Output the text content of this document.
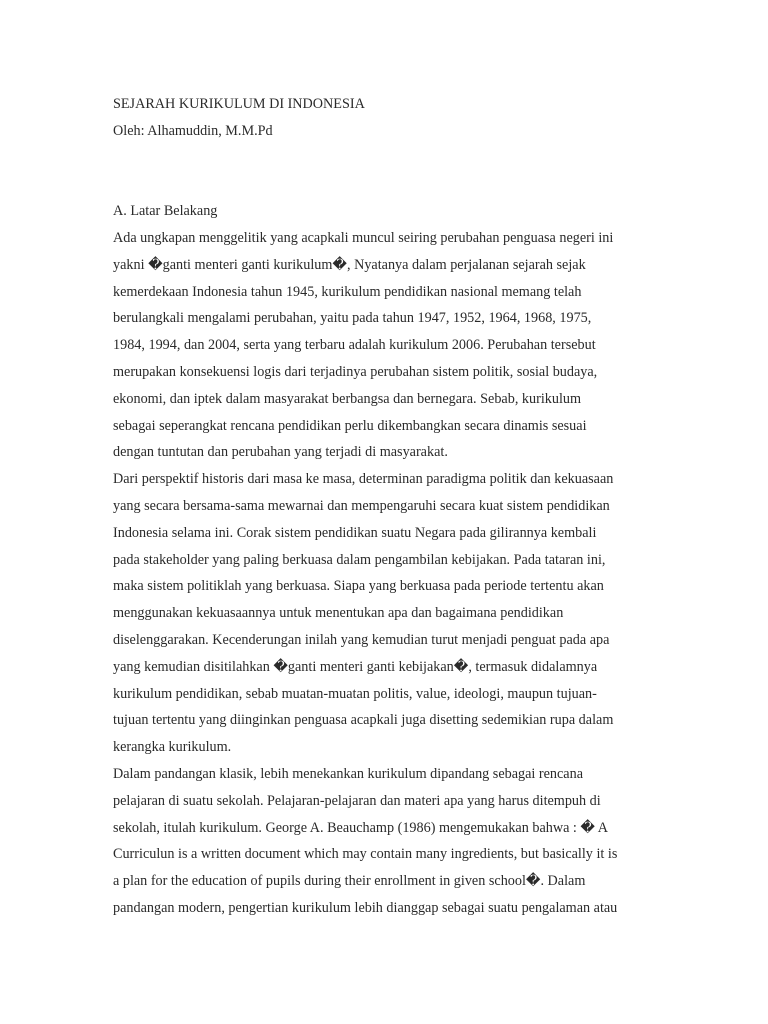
SEJARAH KURIKULUM DI INDONESIA
Oleh: Alhamuddin, M.M.Pd
A. Latar Belakang
Ada ungkapan menggelitik yang acapkali muncul seiring perubahan penguasa negeri ini
yakni �ganti menteri ganti kurikulum�, Nyatanya dalam perjalanan sejarah sejak
kemerdekaan Indonesia tahun 1945, kurikulum pendidikan nasional memang telah
berulangkali mengalami perubahan, yaitu pada tahun 1947, 1952, 1964, 1968, 1975,
1984, 1994, dan 2004, serta yang terbaru adalah kurikulum 2006. Perubahan tersebut
merupakan konsekuensi logis dari terjadinya perubahan sistem politik, sosial budaya,
ekonomi, dan iptek dalam masyarakat berbangsa dan bernegara. Sebab, kurikulum
sebagai seperangkat rencana pendidikan perlu dikembangkan secara dinamis sesuai
dengan tuntutan dan perubahan yang terjadi di masyarakat.
Dari perspektif historis dari masa ke masa, determinan paradigma politik dan kekuasaan
yang secara bersama-sama mewarnai dan mempengaruhi secara kuat sistem pendidikan
Indonesia selama ini. Corak sistem pendidikan suatu Negara pada gilirannya kembali
pada stakeholder yang paling berkuasa dalam pengambilan kebijakan. Pada tataran ini,
maka sistem politiklah yang berkuasa. Siapa yang berkuasa pada periode tertentu akan
menggunakan kekuasaannya untuk menentukan apa dan bagaimana pendidikan
diselenggarakan. Kecenderungan inilah yang kemudian turut menjadi penguat pada apa
yang kemudian disitilahkan �ganti menteri ganti kebijakan�, termasuk didalamnya
kurikulum pendidikan, sebab muatan-muatan politis, value, ideologi, maupun tujuan-
tujuan tertentu yang diinginkan penguasa acapkali juga disetting sedemikian rupa dalam
kerangka kurikulum.
Dalam pandangan klasik, lebih menekankan kurikulum dipandang sebagai rencana
pelajaran di suatu sekolah. Pelajaran-pelajaran dan materi apa yang harus ditempuh di
sekolah, itulah kurikulum. George A. Beauchamp (1986) mengemukakan bahwa : � A
Curriculun is a written document which may contain many ingredients, but basically it is
a plan for the education of pupils during their enrollment in given school�. Dalam
pandangan modern, pengertian kurikulum lebih dianggap sebagai suatu pengalaman atau
